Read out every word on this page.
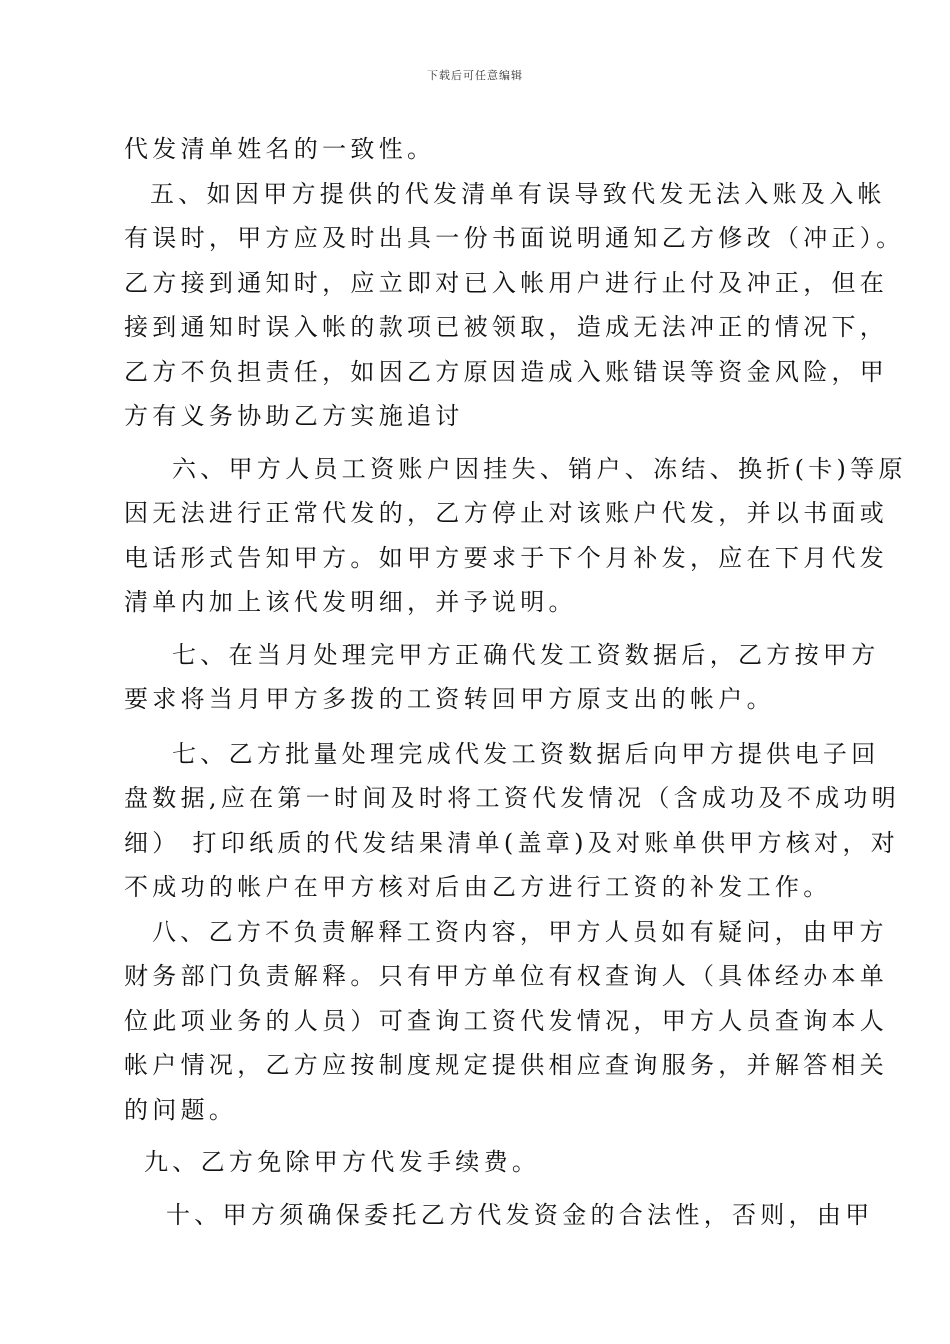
下载后可任意编辑
代发清单姓名的一致性。
五、如因甲方提供的代发清单有误导致代发无法入账及入帐
有误时，甲方应及时出具一份书面说明通知乙方修改（冲正）。
乙方接到通知时，应立即对已入帐用户进行止付及冲正，但在
接到通知时误入帐的款项已被领取，造成无法冲正的情况下，
乙方不负担责任，如因乙方原因造成入账错误等资金风险，甲
方有义务协助乙方实施追讨
六、甲方人员工资账户因挂失、销户、冻结、换折(卡)等原
因无法进行正常代发的，乙方停止对该账户代发，并以书面或
电话形式告知甲方。如甲方要求于下个月补发，应在下月代发
清单内加上该代发明细，并予说明。
七、在当月处理完甲方正确代发工资数据后，乙方按甲方
要求将当月甲方多拨的工资转回甲方原支出的帐户。
七、乙方批量处理完成代发工资数据后向甲方提供电子回
盘数据,应在第一时间及时将工资代发情况（含成功及不成功明
细） 打印纸质的代发结果清单(盖章)及对账单供甲方核对，对
不成功的帐户在甲方核对后由乙方进行工资的补发工作。
八、乙方不负责解释工资内容，甲方人员如有疑问，由甲方
财务部门负责解释。只有甲方单位有权查询人（具体经办本单
位此项业务的人员）可查询工资代发情况，甲方人员查询本人
帐户情况，乙方应按制度规定提供相应查询服务，并解答相关
的问题。
九、乙方免除甲方代发手续费。
十、甲方须确保委托乙方代发资金的合法性，否则，由甲
